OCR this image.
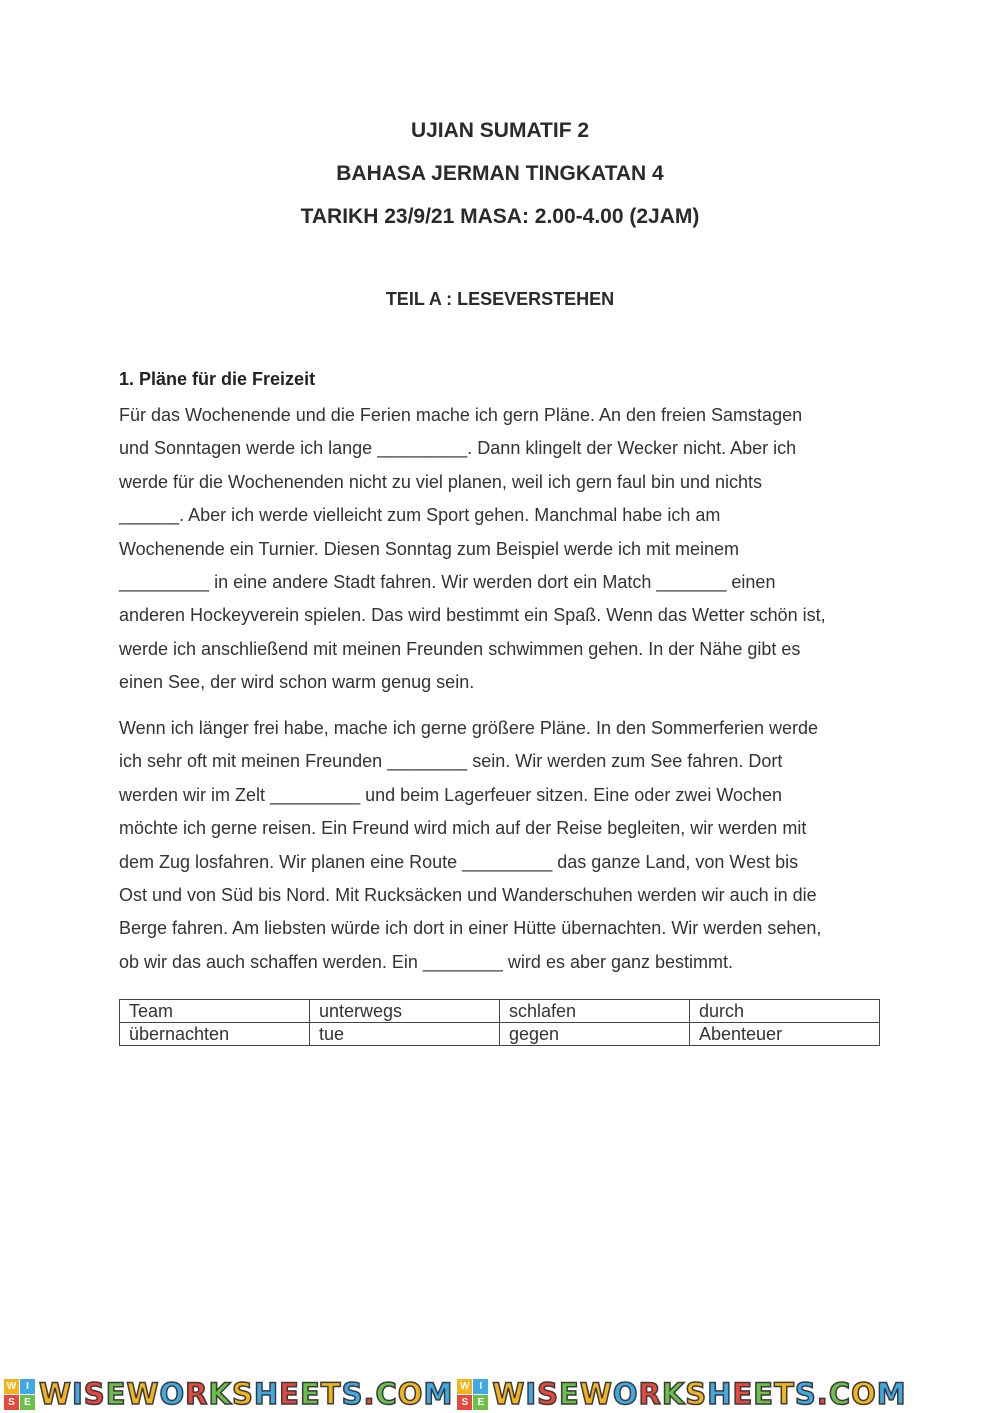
UJIAN SUMATIF 2
BAHASA JERMAN TINGKATAN 4
TARIKH 23/9/21 MASA: 2.00-4.00 (2JAM)
TEIL A : LESEVERSTEHEN
1. Pläne für die Freizeit
Für das Wochenende und die Ferien mache ich gern Pläne. An den freien Samstagen
und Sonntagen werde ich lange _________. Dann klingelt der Wecker nicht. Aber ich
werde für die Wochenenden nicht zu viel planen, weil ich gern faul bin und nichts
______. Aber ich werde vielleicht zum Sport gehen. Manchmal habe ich am
Wochenende ein Turnier. Diesen Sonntag zum Beispiel werde ich mit meinem
_________ in eine andere Stadt fahren. Wir werden dort ein Match _______ einen
anderen Hockeyverein spielen. Das wird bestimmt ein Spaß. Wenn das Wetter schön ist,
werde ich anschließend mit meinen Freunden schwimmen gehen. In der Nähe gibt es
einen See, der wird schon warm genug sein.
Wenn ich länger frei habe, mache ich gerne größere Pläne. In den Sommerferien werde
ich sehr oft mit meinen Freunden ________ sein. Wir werden zum See fahren. Dort
werden wir im Zelt _________ und beim Lagerfeuer sitzen. Eine oder zwei Wochen
möchte ich gerne reisen. Ein Freund wird mich auf der Reise begleiten, wir werden mit
dem Zug losfahren. Wir planen eine Route _________ das ganze Land, von West bis
Ost und von Süd bis Nord. Mit Rucksäcken und Wanderschuhen werden wir auch in die
Berge fahren. Am liebsten würde ich dort in einer Hütte übernachten. Wir werden sehen,
ob wir das auch schaffen werden. Ein ________ wird es aber ganz bestimmt.
Team	unterwegs	schlafen	durch
übernachten	tue	gegen	Abenteuer
W I
S E WISEWORKSHEETS.COM W I
S E WISEWORKSHEETS.COM
